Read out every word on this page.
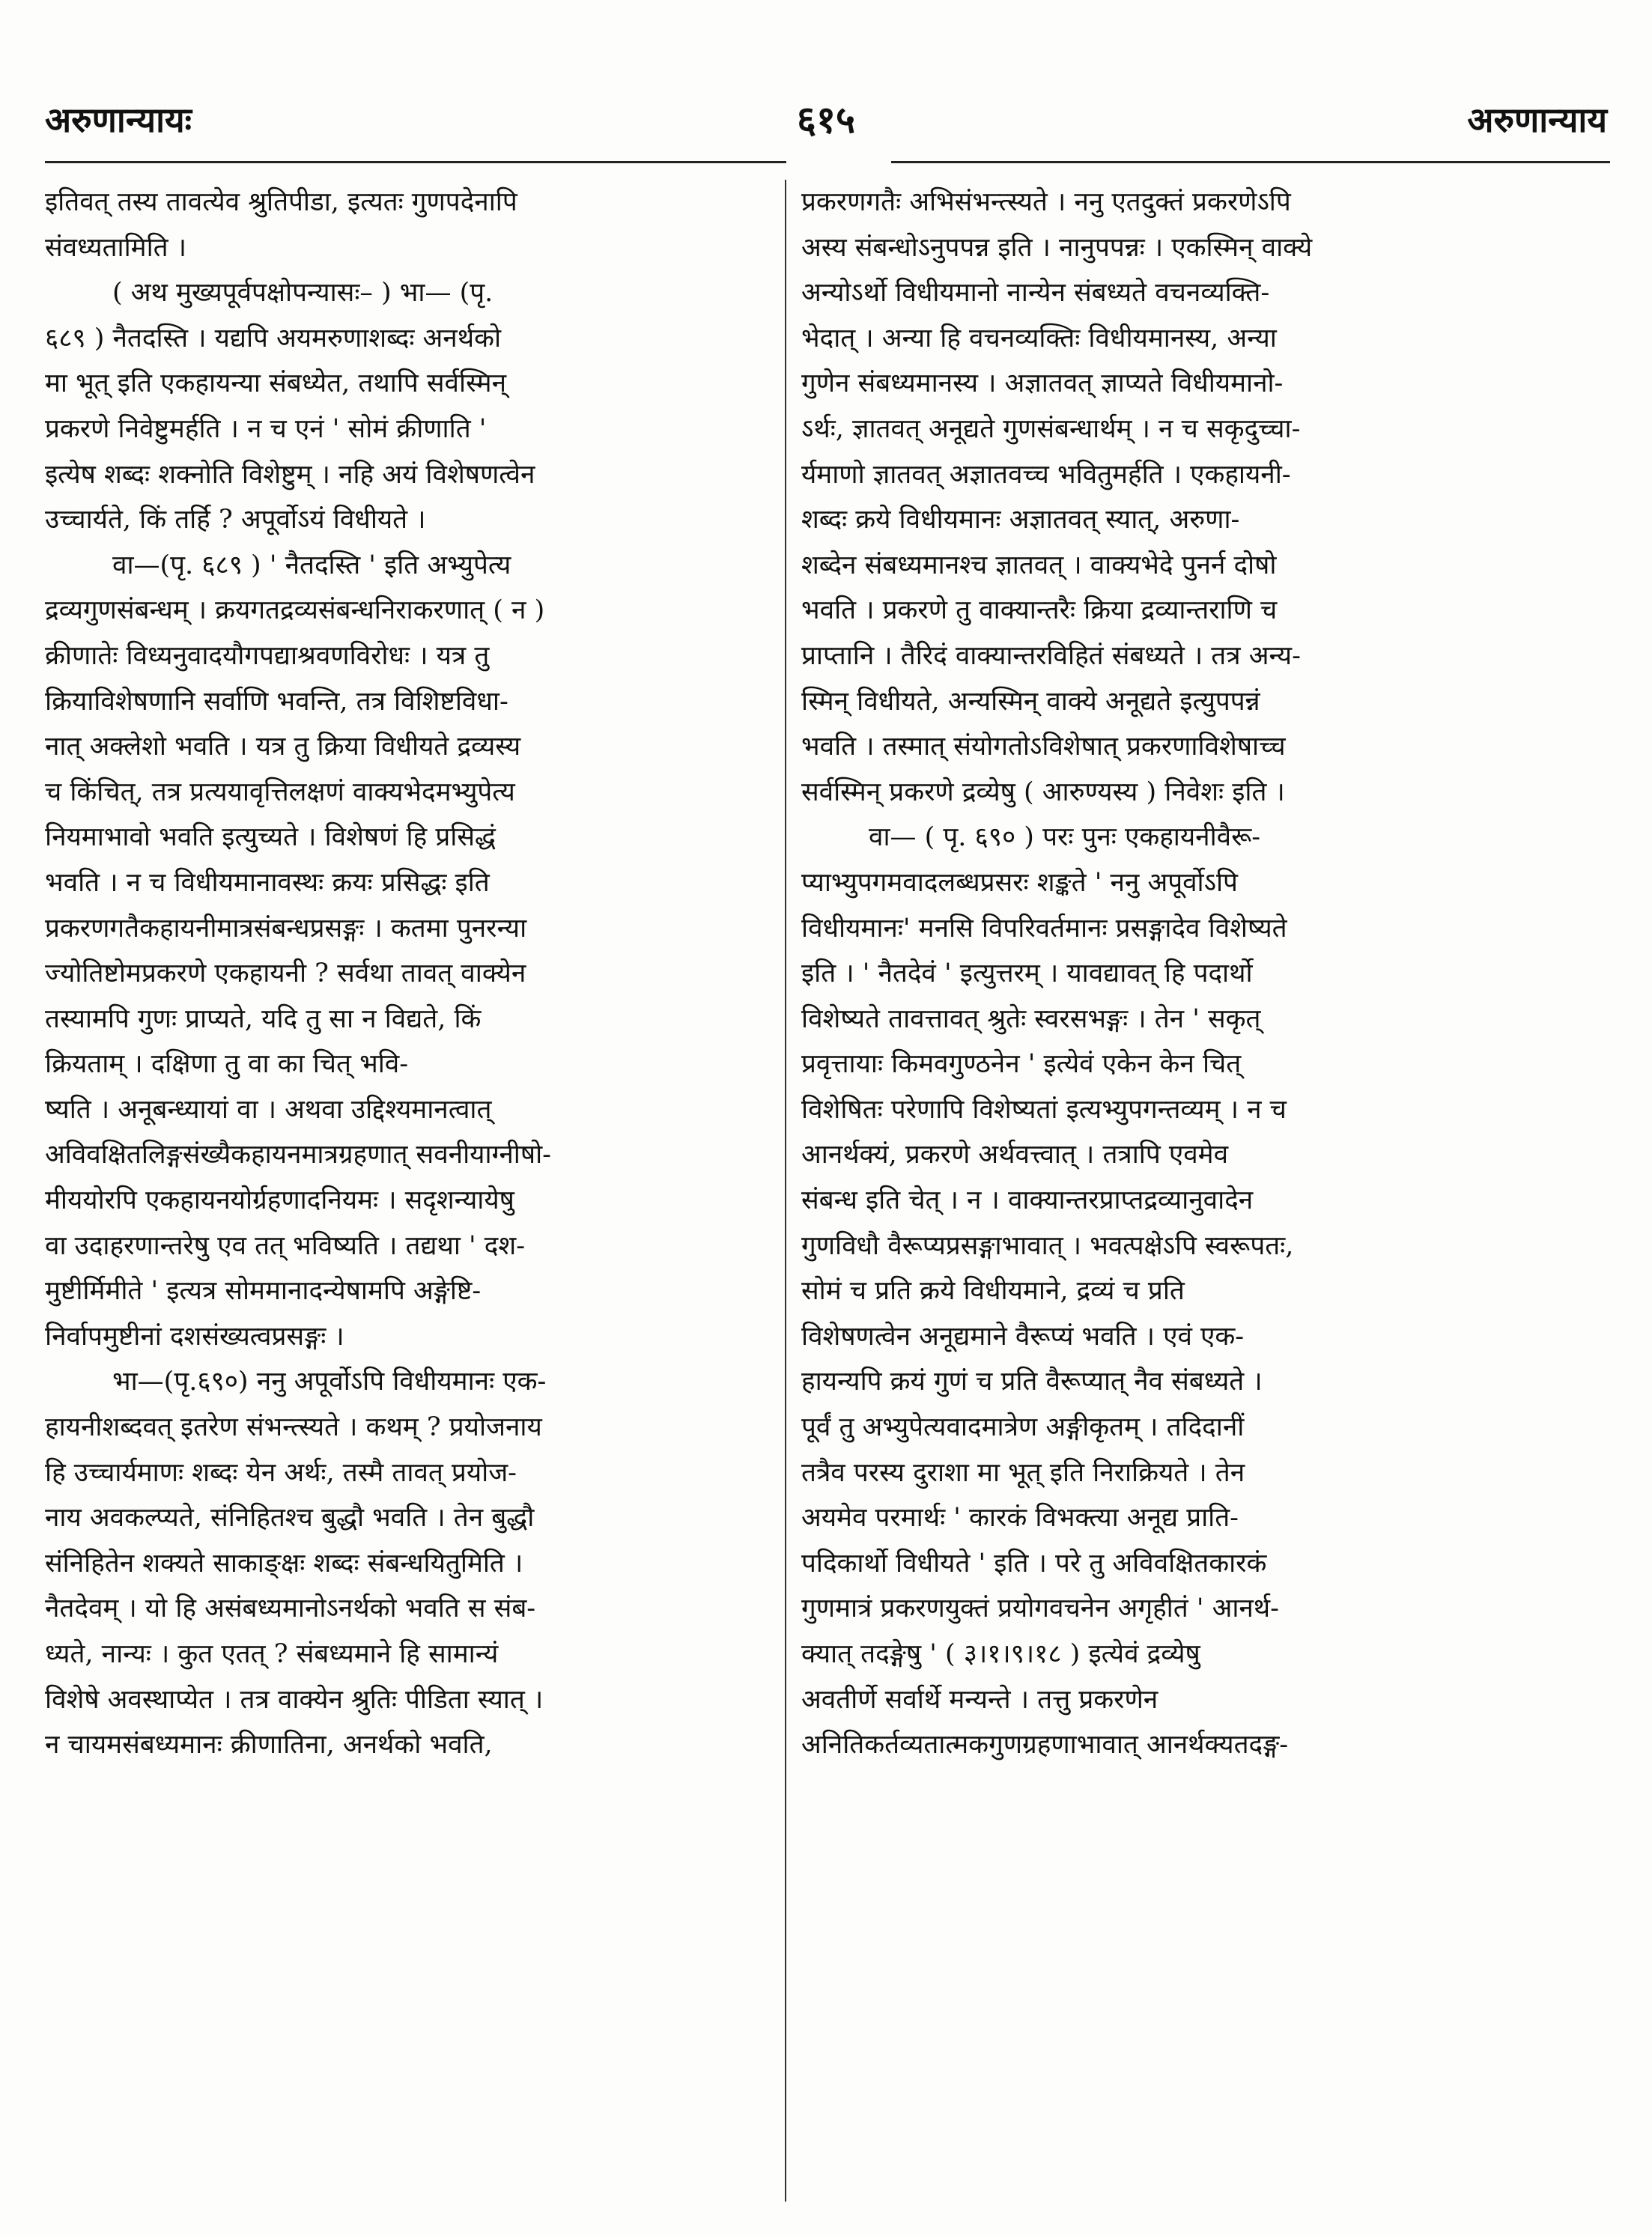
अरुणान्यायः	६१५	अरुणान्याय
इतिवत् तस्य तावत्येव श्रुतिपीडा, इत्यतः गुणपदेनापि
संवध्यतामिति ।
( अथ मुख्यपूर्वपक्षोपन्यासः– ) भा— (पृ.
६८९ ) नैतदस्ति । यद्यपि अयमरुणाशब्दः अनर्थको
मा भूत् इति एकहायन्या संबध्येत, तथापि सर्वस्मिन्
प्रकरणे निवेष्टुमर्हति । न च एनं ' सोमं क्रीणाति '
इत्येष शब्दः शक्नोति विशेष्टुम् । नहि अयं विशेषणत्वेन
उच्चार्यते, किं तर्हि ? अपूर्वोऽयं विधीयते ।
वा—(पृ. ६८९ ) ' नैतदस्ति ' इति अभ्युपेत्य
द्रव्यगुणसंबन्धम् । क्रयगतद्रव्यसंबन्धनिराकरणात् ( न )
क्रीणातेः विध्यनुवादयौगपद्याश्रवणविरोधः । यत्र तु
क्रियाविशेषणानि सर्वाणि भवन्ति, तत्र विशिष्टविधा-
नात् अक्लेशो भवति । यत्र तु क्रिया विधीयते द्रव्यस्य
च किंचित्, तत्र प्रत्ययावृत्तिलक्षणं वाक्यभेदमभ्युपेत्य
नियमाभावो भवति इत्युच्यते । विशेषणं हि प्रसिद्धं
भवति । न च विधीयमानावस्थः क्रयः प्रसिद्धः इति
प्रकरणगतैकहायनीमात्रसंबन्धप्रसङ्गः । कतमा पुनरन्या
ज्योतिष्टोमप्रकरणे एकहायनी ? सर्वथा तावत् वाक्येन
तस्यामपि गुणः प्राप्यते, यदि तु सा न विद्यते, किं
क्रियताम् । दक्षिणा तु वा का चित् भवि-
ष्यति । अनूबन्ध्यायां वा । अथवा उद्दिश्यमानत्वात्
अविवक्षितलिङ्गसंख्यैकहायनमात्रग्रहणात् सवनीयाग्नीषो-
मीययोरपि एकहायनयोर्ग्रहणादनियमः । सदृशन्यायेषु
वा उदाहरणान्तरेषु एव तत् भविष्यति । तद्यथा ' दश-
मुष्टीर्मिमीते ' इत्यत्र सोममानादन्येषामपि अङ्गेष्टि-
निर्वापमुष्टीनां दशसंख्यत्वप्रसङ्गः ।
भा—(पृ.६९०) ननु अपूर्वोऽपि विधीयमानः एक-
हायनीशब्दवत् इतरेण संभन्त्स्यते । कथम् ? प्रयोजनाय
हि उच्चार्यमाणः शब्दः येन अर्थः, तस्मै तावत् प्रयोज-
नाय अवकल्प्यते, संनिहितश्च बुद्धौ भवति । तेन बुद्धौ
संनिहितेन शक्यते साकाङ्क्षः शब्दः संबन्धयितुमिति ।
नैतदेवम् । यो हि असंबध्यमानोऽनर्थको भवति स संब-
ध्यते, नान्यः । कुत एतत् ? संबध्यमाने हि सामान्यं
विशेषे अवस्थाप्येत । तत्र वाक्येन श्रुतिः पीडिता स्यात् ।
न चायमसंबध्यमानः क्रीणातिना, अनर्थको भवति,
प्रकरणगतैः अभिसंभन्त्स्यते । ननु एतदुक्तं प्रकरणेऽपि
अस्य संबन्धोऽनुपपन्न इति । नानुपपन्नः । एकस्मिन् वाक्ये
अन्योऽर्थो विधीयमानो नान्येन संबध्यते वचनव्यक्ति-
भेदात् । अन्या हि वचनव्यक्तिः विधीयमानस्य, अन्या
गुणेन संबध्यमानस्य । अज्ञातवत् ज्ञाप्यते विधीयमानो-
ऽर्थः, ज्ञातवत् अनूद्यते गुणसंबन्धार्थम् । न च सकृदुच्चा-
र्यमाणो ज्ञातवत् अज्ञातवच्च भवितुमर्हति । एकहायनी-
शब्दः क्रये विधीयमानः अज्ञातवत् स्यात्, अरुणा-
शब्देन संबध्यमानश्च ज्ञातवत् । वाक्यभेदे पुनर्न दोषो
भवति । प्रकरणे तु वाक्यान्तरैः क्रिया द्रव्यान्तराणि च
प्राप्तानि । तैरिदं वाक्यान्तरविहितं संबध्यते । तत्र अन्य-
स्मिन् विधीयते, अन्यस्मिन् वाक्ये अनूद्यते इत्युपपन्नं
भवति । तस्मात् संयोगतोऽविशेषात् प्रकरणाविशेषाच्च
सर्वस्मिन् प्रकरणे द्रव्येषु ( आरुण्यस्य ) निवेशः इति ।
वा— ( पृ. ६९० ) परः पुनः एकहायनीवैरू-
प्याभ्युपगमवादलब्धप्रसरः शङ्कते ' ननु अपूर्वोऽपि
विधीयमानः' मनसि विपरिवर्तमानः प्रसङ्गादेव विशेष्यते
इति । ' नैतदेवं ' इत्युत्तरम् । यावद्यावत् हि पदार्थो
विशेष्यते तावत्तावत् श्रुतेः स्वरसभङ्गः । तेन ' सकृत्
प्रवृत्तायाः किमवगुण्ठनेन ' इत्येवं एकेन केन चित्
विशेषितः परेणापि विशेष्यतां इत्यभ्युपगन्तव्यम् । न च
आनर्थक्यं, प्रकरणे अर्थवत्त्वात् । तत्रापि एवमेव
संबन्ध इति चेत् । न । वाक्यान्तरप्राप्तद्रव्यानुवादेन
गुणविधौ वैरूप्यप्रसङ्गाभावात् । भवत्पक्षेऽपि स्वरूपतः,
सोमं च प्रति क्रये विधीयमाने, द्रव्यं च प्रति
विशेषणत्वेन अनूद्यमाने वैरूप्यं भवति । एवं एक-
हायन्यपि क्रयं गुणं च प्रति वैरूप्यात् नैव संबध्यते ।
पूर्वं तु अभ्युपेत्यवादमात्रेण अङ्गीकृतम् । तदिदानीं
तत्रैव परस्य दुराशा मा भूत् इति निराक्रियते । तेन
अयमेव परमार्थः ' कारकं विभक्त्या अनूद्य प्राति-
पदिकार्थो विधीयते ' इति । परे तु अविवक्षितकारकं
गुणमात्रं प्रकरणयुक्तं प्रयोगवचनेन अगृहीतं ' आनर्थ-
क्यात् तदङ्गेषु ' ( ३।१।९।१८ ) इत्येवं द्रव्येषु
अवतीर्णे सर्वार्थे मन्यन्ते । तत्तु प्रकरणेन
अनितिकर्तव्यतात्मकगुणग्रहणाभावात् आनर्थक्यतदङ्ग-
